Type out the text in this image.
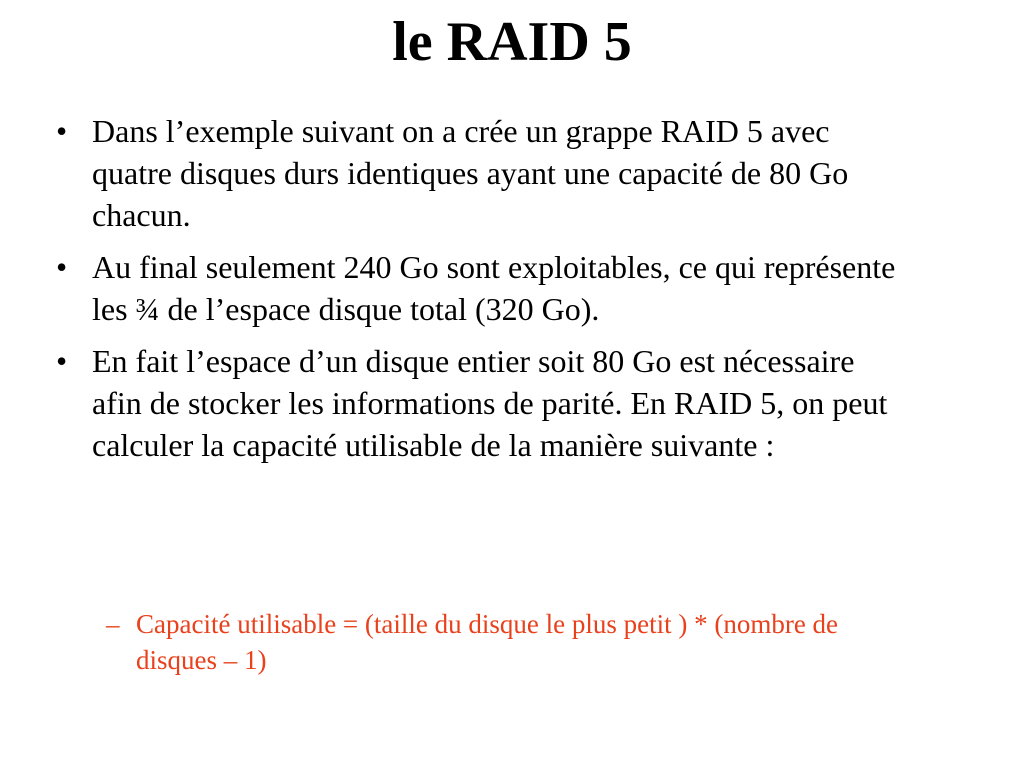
le RAID 5
• Dans l’exemple suivant on a crée un grappe RAID 5 avec quatre disques durs identiques ayant une capacité de 80 Go chacun.
• Au final seulement 240 Go sont exploitables, ce qui représente les ¾ de l’espace disque total (320 Go).
• En fait l’espace d’un disque entier soit 80 Go est nécessaire afin de stocker les informations de parité. En RAID 5, on peut calculer la capacité utilisable de la manière suivante :
– Capacité utilisable = (taille du disque le plus petit ) * (nombre de disques – 1)
